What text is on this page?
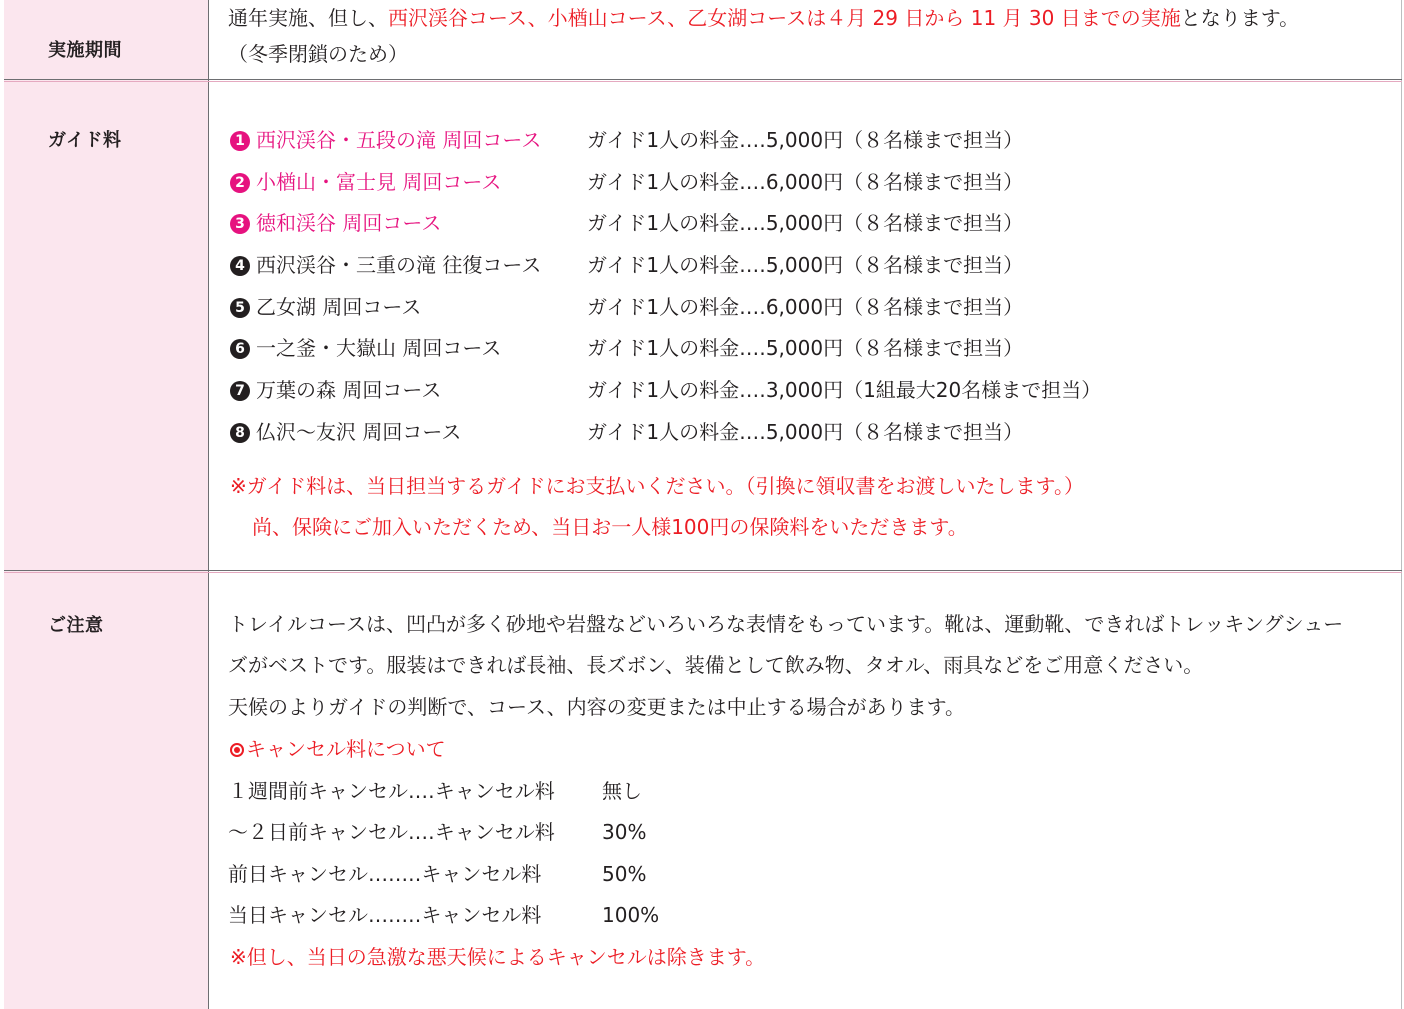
実施期間
通年実施、但し、西沢渓谷コース、小楢山コース、乙女湖コースは４月 29 日から 11 月 30 日までの実施となります。
（冬季閉鎖のため）
ガイド料	1 西沢渓谷・五段の滝 周回コース ガイド1人の料金‥‥5,000円（８名様まで担当）
2 小楢山・富士見 周回コース	ガイド1人の料金‥‥6,000円（８名様まで担当）
3 徳和渓谷 周回コース	ガイド1人の料金‥‥5,000円（８名様まで担当）
4 西沢渓谷・三重の滝 往復コース ガイド1人の料金‥‥5,000円（８名様まで担当）
5 乙女湖 周回コース	ガイド1人の料金‥‥6,000円（８名様まで担当）
6 一之釜・大嶽山 周回コース	ガイド1人の料金‥‥5,000円（８名様まで担当）
7 万葉の森 周回コース	ガイド1人の料金‥‥3,000円（1組最大20名様まで担当）
8 仏沢～友沢 周回コース	ガイド1人の料金‥‥5,000円（８名様まで担当）
※ガイド料は、当日担当するガイドにお支払いください。（引換に領収書をお渡しいたします。）
尚、保険にご加入いただくため、当日お一人様100円の保険料をいただきます。
ご注意	トレイルコースは、凹凸が多く砂地や岩盤などいろいろな表情をもっています。靴は、運動靴、できればトレッキングシュー
ズがベストです。服装はできれば長袖、長ズボン、装備として飲み物、タオル、雨具などをご用意ください。
天候のよりガイドの判断で、コース、内容の変更または中止する場合があります。
キャンセル料について
１週間前キャンセル‥‥キャンセル料 無し
～２日前キャンセル‥‥キャンセル料 30%
前日キャンセル‥‥‥‥キャンセル料	50%
当日キャンセル‥‥‥‥キャンセル料	100%
※但し、当日の急激な悪天候によるキャンセルは除きます。
